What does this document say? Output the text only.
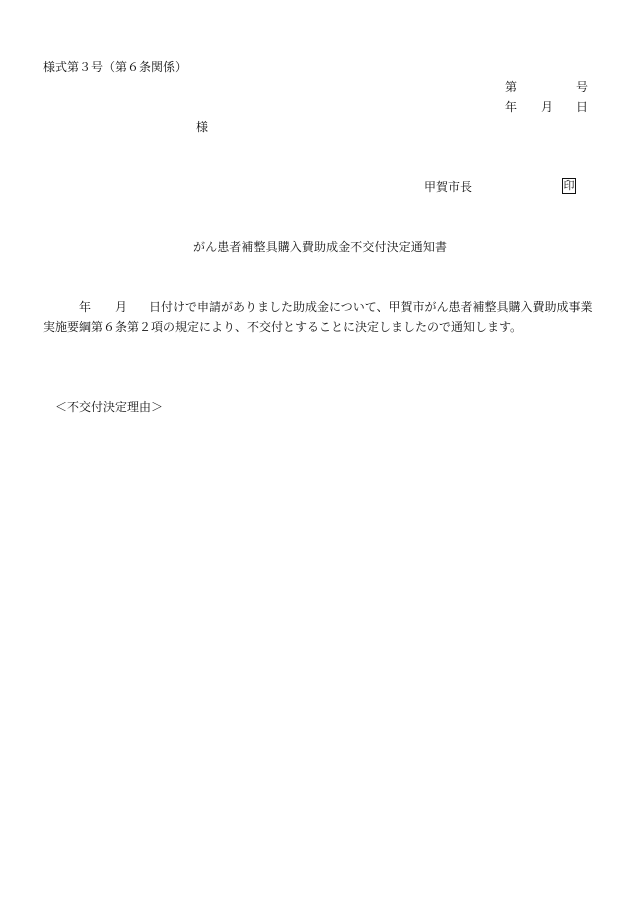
様式第３号（第６条関係）
第	号
年 月 日
様
甲賀市長	印
がん患者補整具購入費助成金不交付決定通知書
年 月 日付けで申請がありました助成金について、甲賀市がん患者補整具購入費助成事業
実施要綱第６条第２項の規定により、不交付とすることに決定しましたので通知します。
＜不交付決定理由＞
